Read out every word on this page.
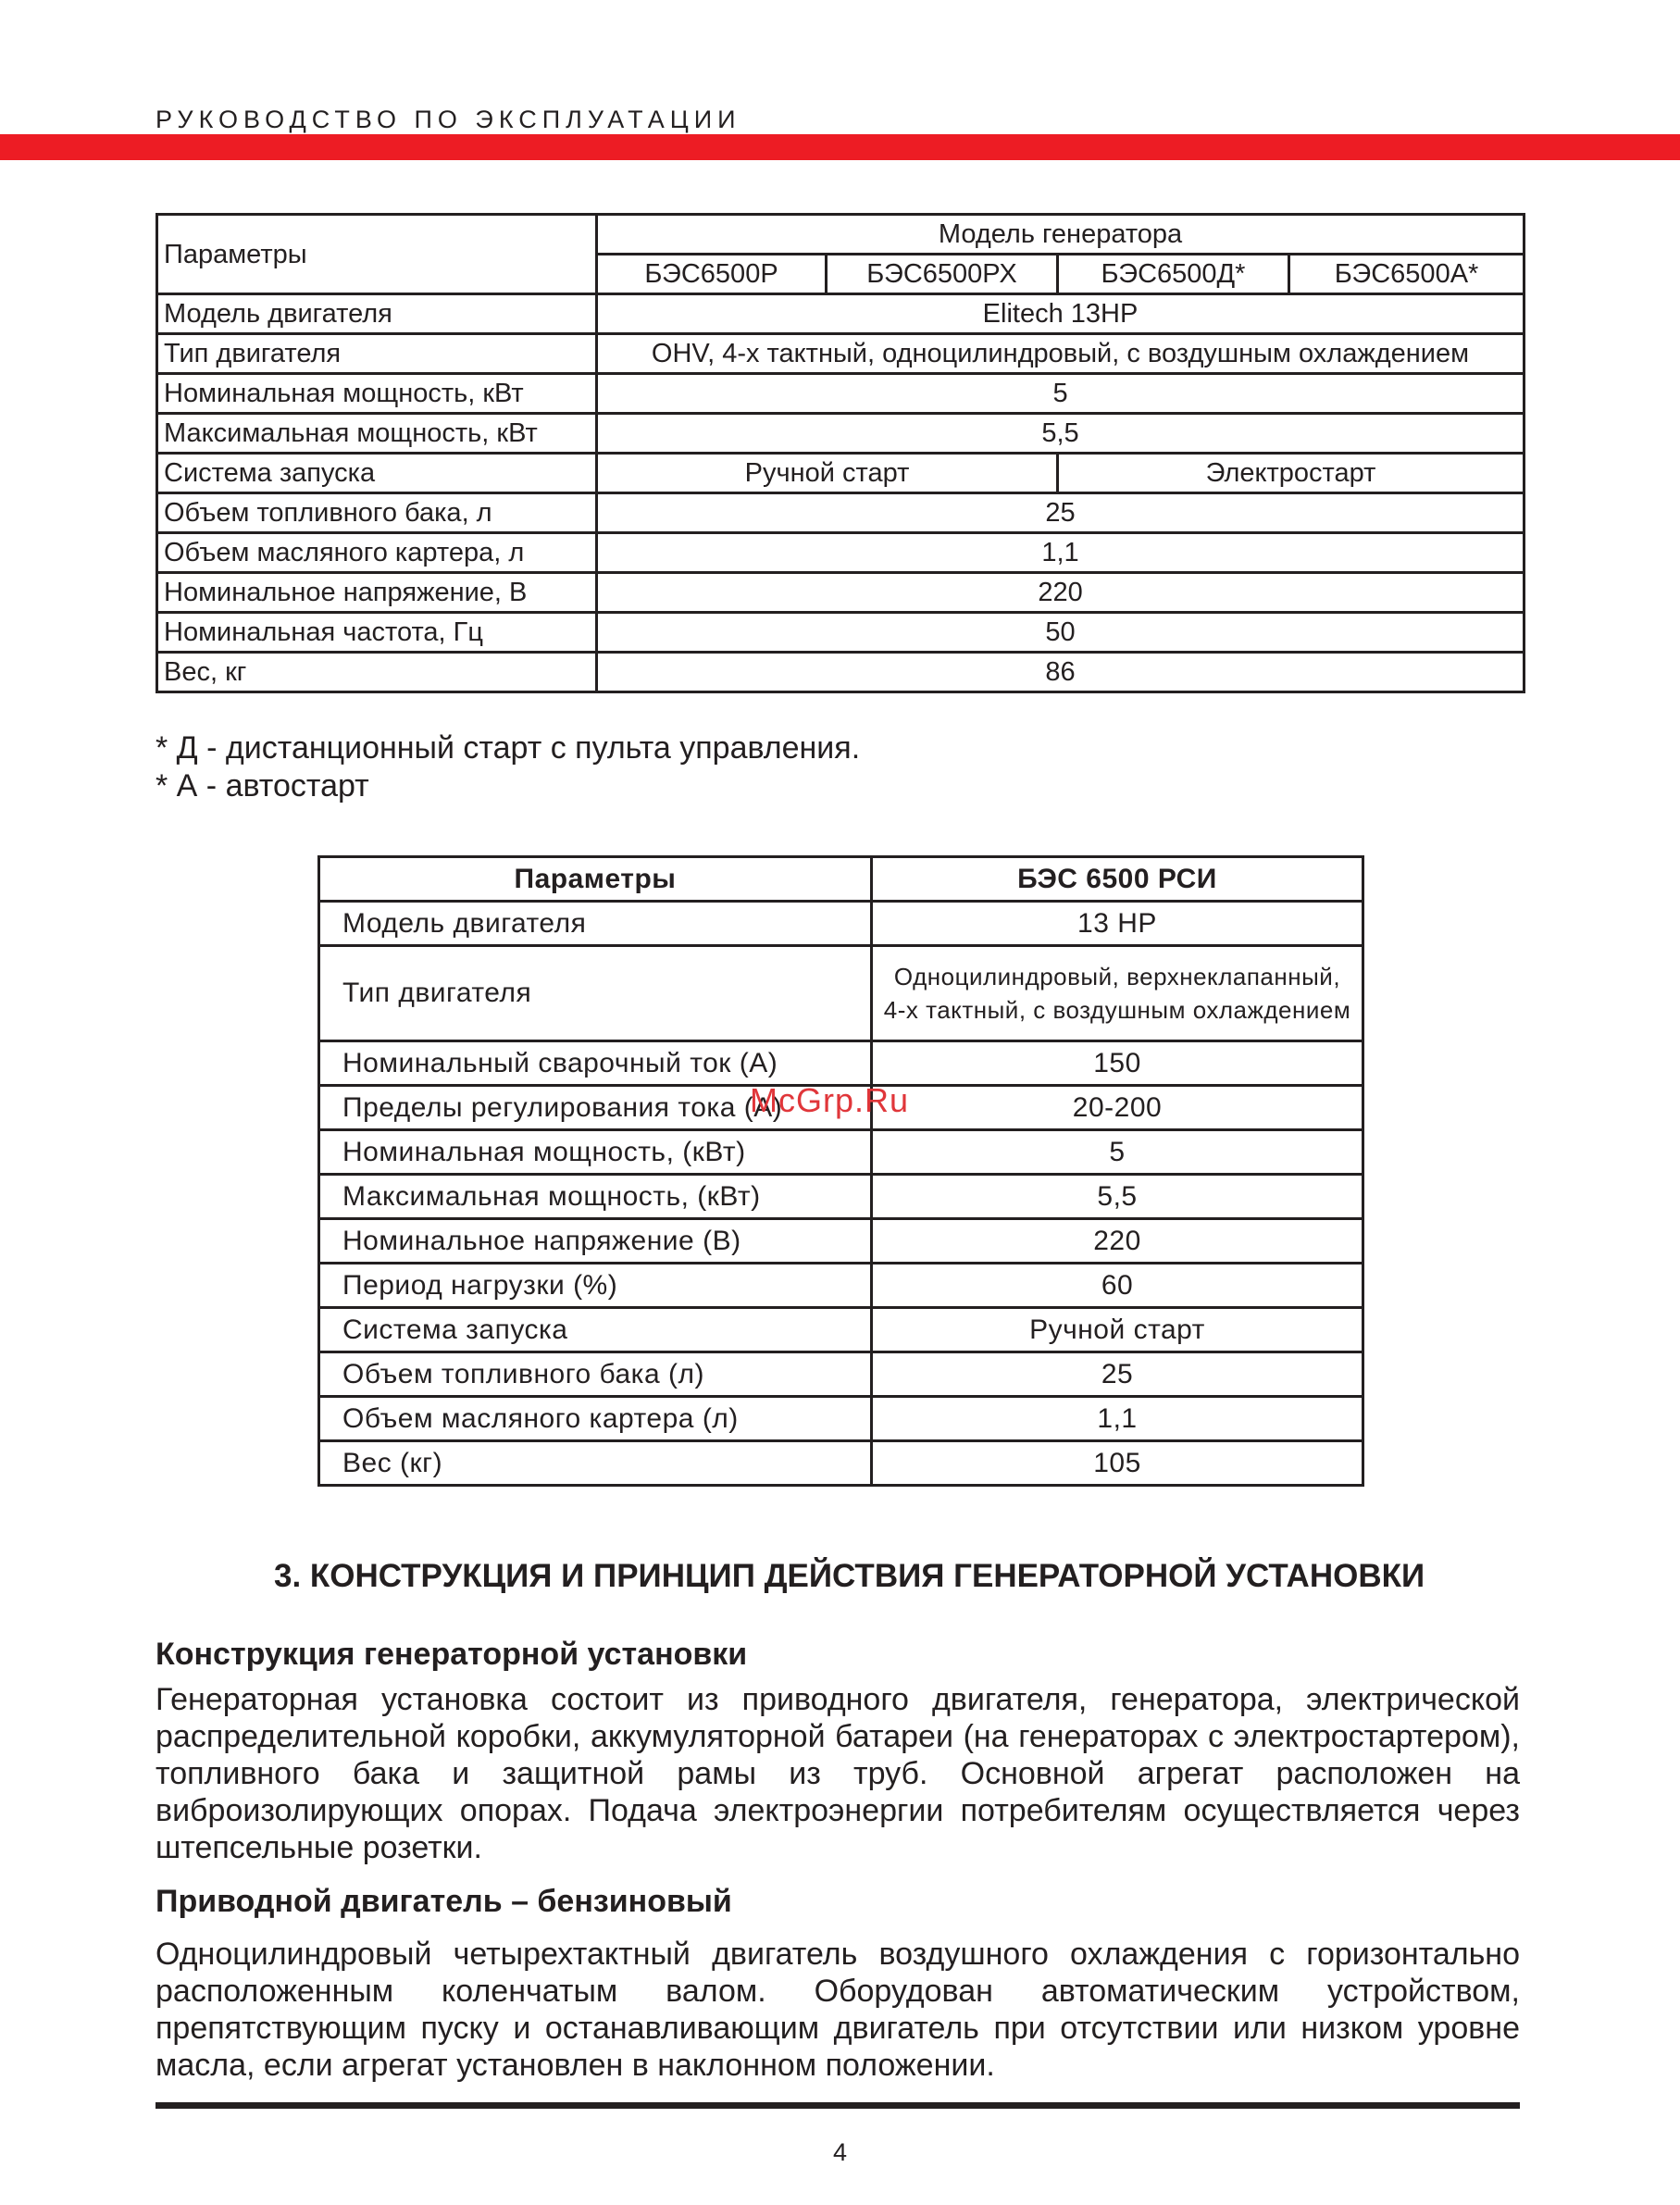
РУКОВОДСТВО ПО ЭКСПЛУАТАЦИИ
Параметры	Модель генератора			
	БЭС6500Р	БЭС6500РХ	БЭС6500Д*	БЭС6500А*
Модель двигателя	Elitech 13HP			
Тип двигателя	OHV, 4-х тактный, одноцилиндровый, с воздушным охлаждением			
Номинальная мощность, кВт	5			
Максимальная мощность, кВт	5,5			
Система запуска	Ручной старт		Электростарт	
Объем топливного бака, л	25			
Объем масляного картера, л	1,1			
Номинальное напряжение, В	220			
Номинальная частота, Гц	50			
Вес, кг	86			
* Д - дистанционный старт с пульта управления.
* А - автостарт
Параметры	БЭС 6500 РСИ
Модель двигателя	13 HP
Тип двигателя	Одноцилиндровый, верхнеклапанный,
4-х тактный, с воздушным охлаждением

Номинальный сварочный ток (А)	150
Пределы регулирования тока (А)	20-200
Номинальная мощность, (кВт)	5
Максимальная мощность, (кВт)	5,5
Номинальное напряжение (В)	220
Период нагрузки (%)	60
Система запуска	Ручной старт
Объем топливного бака (л)	25
Объем масляного картера (л)	1,1
Вес (кг)	105
McGrp.Ru
3. КОНСТРУКЦИЯ И ПРИНЦИП ДЕЙСТВИЯ ГЕНЕРАТОРНОЙ УСТАНОВКИ
Конструкция генераторной установки
Генераторная установка состоит из приводного двигателя, генератора, электрической распределительной коробки, аккумуляторной батареи (на генераторах с электростартером), топливного бака и защитной рамы из труб. Основной агрегат расположен на виброизолирующих опорах. Подача электроэнергии потребителям осуществляется через штепсельные розетки.
Приводной двигатель – бензиновый
Одноцилиндровый четырехтактный двигатель воздушного охлаждения с горизонтально расположенным коленчатым валом. Оборудован автоматическим устройством, препятствующим пуску и останавливающим двигатель при отсутствии или низком уровне масла, если агрегат установлен в наклонном положении.
4
